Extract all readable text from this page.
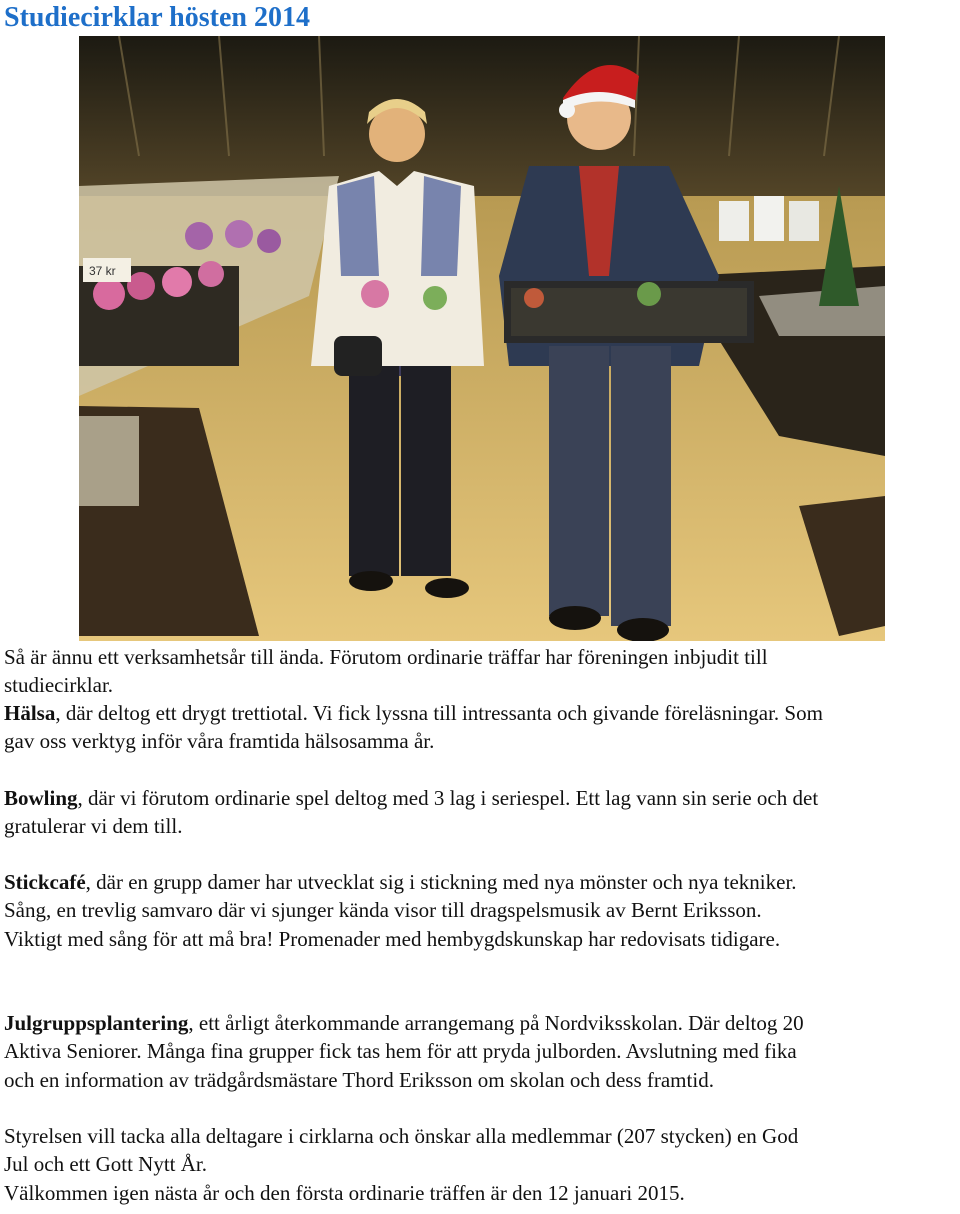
Studiecirklar hösten 2014
37 kr

Så är ännu ett verksamhetsår till ända. Förutom ordinarie träffar har föreningen inbjudit till
studiecirklar.

Hälsa, där deltog ett drygt trettiotal. Vi fick lyssna till intressanta och givande föreläsningar. Som
gav oss verktyg inför våra framtida hälsosamma år.

Bowling, där vi förutom ordinarie spel deltog med 3 lag i seriespel. Ett lag vann sin serie och det
gratulerar vi dem till.

Stickcafé, där en grupp damer har utvecklat sig i stickning med nya mönster och nya tekniker.
Sång, en trevlig samvaro där vi sjunger kända visor till dragspelsmusik av Bernt Eriksson.
Viktigt med sång för att må bra! Promenader med hembygdskunskap har redovisats tidigare.

Julgruppsplantering, ett årligt återkommande arrangemang på Nordviksskolan. Där deltog 20
Aktiva Seniorer. Många fina grupper fick tas hem för att pryda julborden. Avslutning med fika
och en information av trädgårdsmästare Thord Eriksson om skolan och dess framtid.

Styrelsen vill tacka alla deltagare i cirklarna och önskar alla medlemmar (207 stycken) en God
Jul och ett Gott Nytt År.
Välkommen igen nästa år och den första ordinarie träffen är den 12 januari 2015.
